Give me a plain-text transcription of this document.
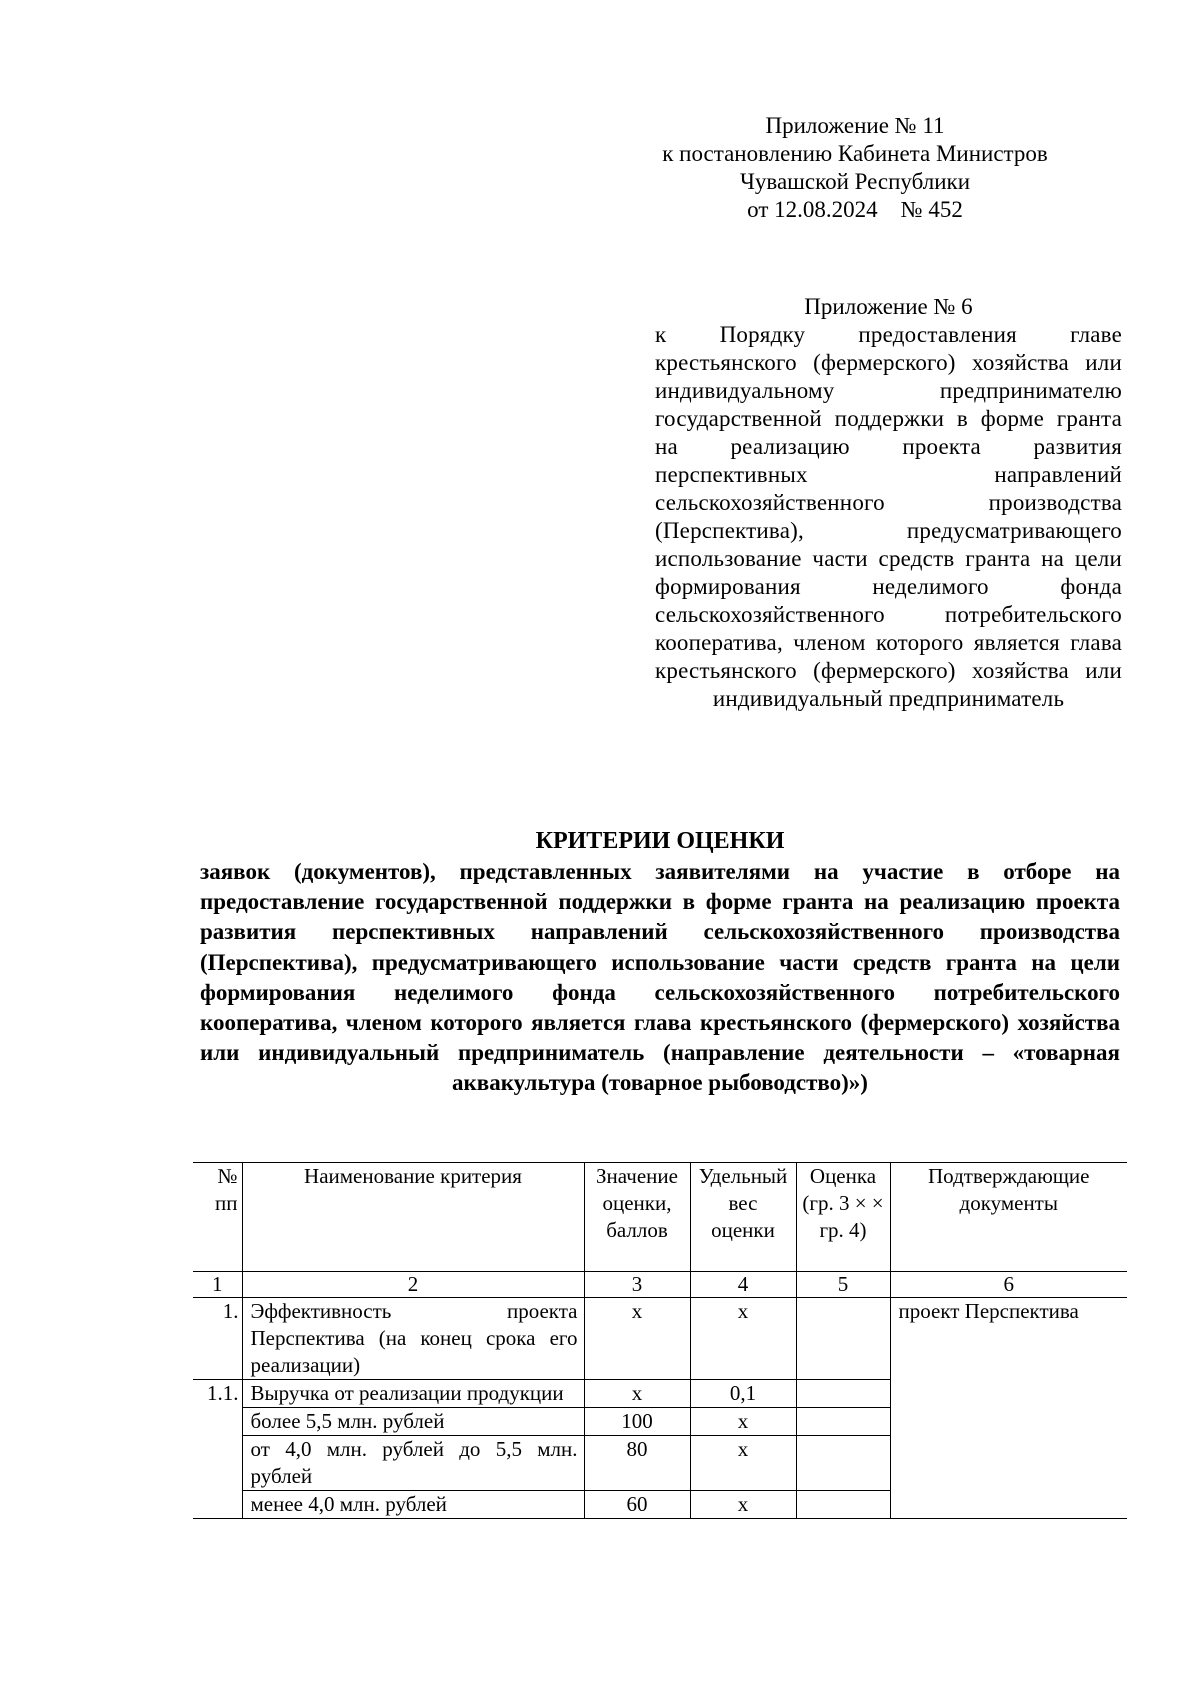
Приложение № 11
к постановлению Кабинета Министров
Чувашской Республики
от 12.08.2024    № 452
Приложение № 6
к Порядку предоставления главе крестьянского (фермерского) хозяйства или индивидуальному предпринимателю государственной поддержки в форме гранта на реализацию проекта развития перспективных направлений сельскохозяйственного производства (Перспектива), предусматривающего использование части средств гранта на цели формирования неделимого фонда сельскохозяйственного потребительского кооператива, членом которого является глава крестьянского (фермерского) хозяйства или индивидуальный предприниматель
КРИТЕРИИ ОЦЕНКИ
заявок (документов), представленных заявителями на участие в отборе на предоставление государственной поддержки в форме гранта на реализацию проекта развития перспективных направлений сельскохозяйственного производства (Перспектива), предусматривающего использование части средств гранта на цели формирования неделимого фонда сельскохозяйственного потребительского кооператива, членом которого является глава крестьянского (фермерского) хозяйства или индивидуальный предприниматель (направление деятельности – «товарная аквакультура (товарное рыбоводство)»)
№ пп	Наименование критерия	Значение оценки, баллов	Удельный вес оценки	Оценка (гр. 3 × × гр. 4)	Подтверждающие документы
1	2	3	4	5	6
1.	Эффективность проекта Перспектива (на конец срока его реализации)	х	х		проект Перспектива
1.1.	Выручка от реализации продукции	х	0,1		
	более 5,5 млн. рублей	100	х		
	от 4,0 млн. рублей до 5,5 млн. рублей	80	х		
	менее 4,0 млн. рублей	60	х		
